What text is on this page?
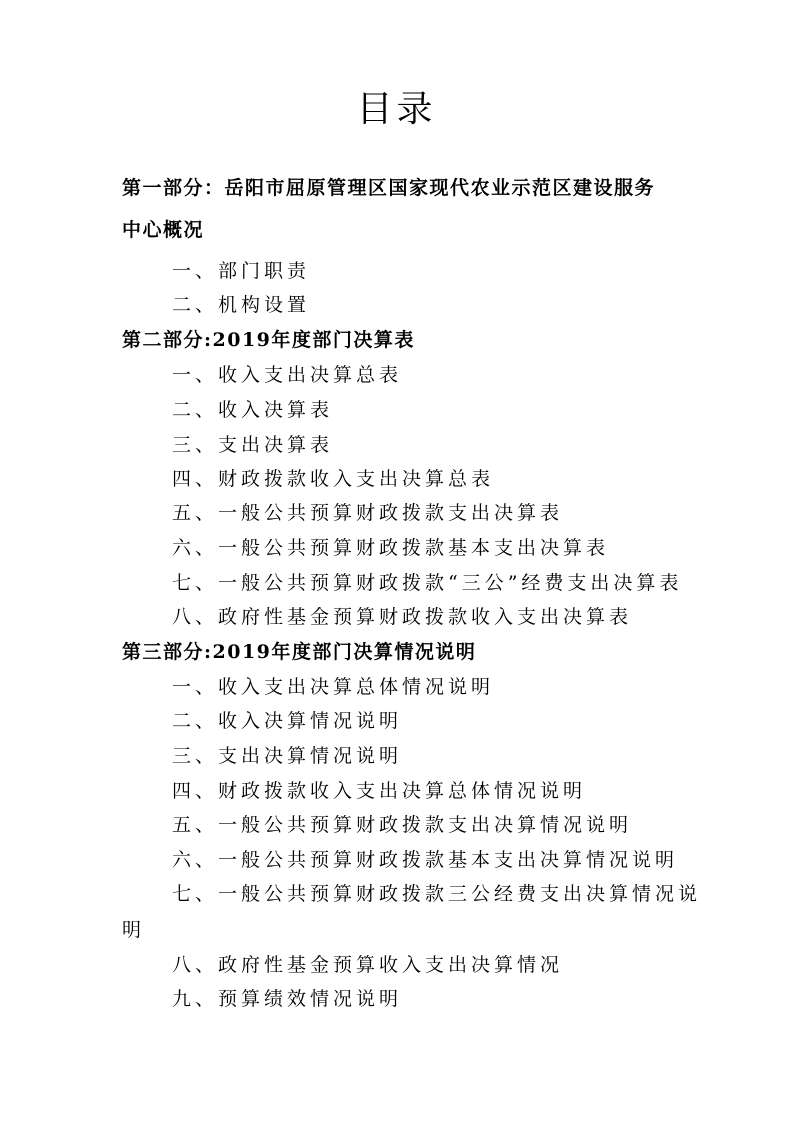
目录
第一部分：岳阳市屈原管理区国家现代农业示范区建设服务
中心概况
一、部门职责
二、机构设置
第二部分:2019年度部门决算表
一、收入支出决算总表
二、收入决算表
三、支出决算表
四、财政拨款收入支出决算总表
五、一般公共预算财政拨款支出决算表
六、一般公共预算财政拨款基本支出决算表
七、一般公共预算财政拨款“三公”经费支出决算表
八、政府性基金预算财政拨款收入支出决算表
第三部分:2019年度部门决算情况说明
一、收入支出决算总体情况说明
二、收入决算情况说明
三、支出决算情况说明
四、财政拨款收入支出决算总体情况说明
五、一般公共预算财政拨款支出决算情况说明
六、一般公共预算财政拨款基本支出决算情况说明
七、一般公共预算财政拨款三公经费支出决算情况说
明
八、政府性基金预算收入支出决算情况
九、预算绩效情况说明
